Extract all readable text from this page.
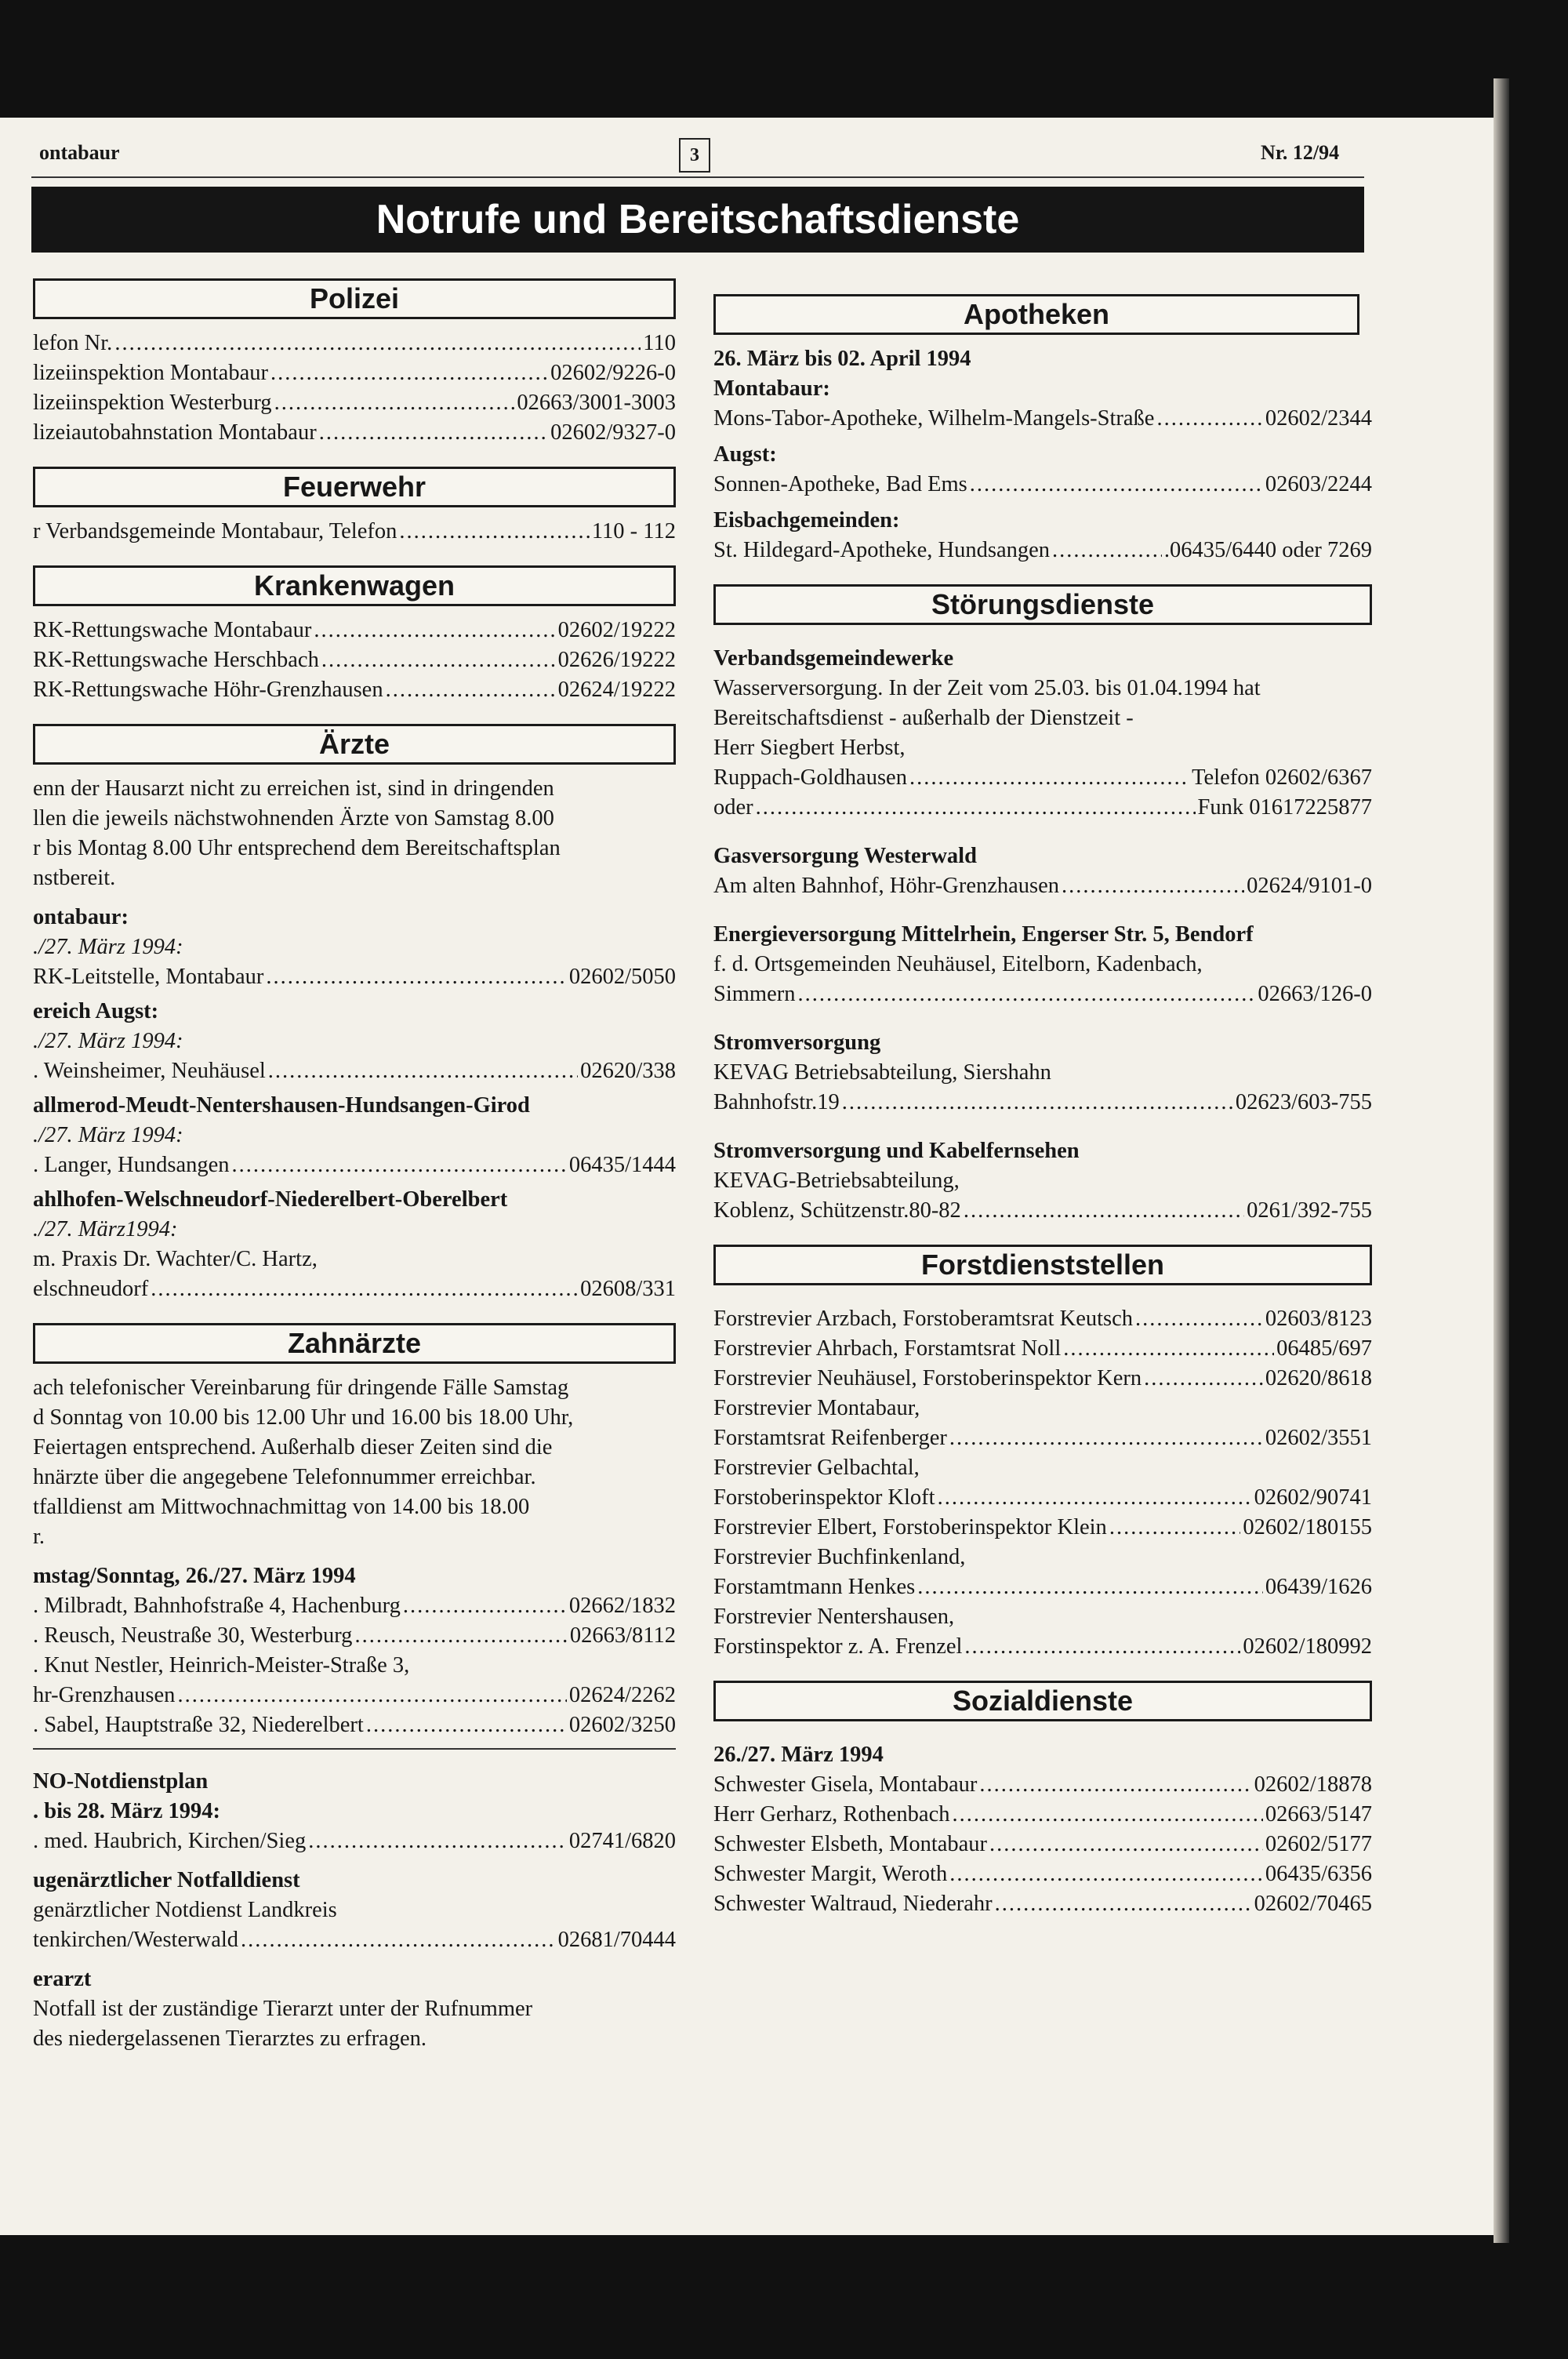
ontabaur	3	Nr. 12/94
Notrufe und Bereitschaftsdienste
Polizei
lefon Nr. .....	110
lizeiinspektion Montabaur .....	02602/9226-0
lizeiinspektion Westerburg .....	02663/3001-3003
lizeiautobahnstation Montabaur .....	02602/9327-0
Feuerwehr
r Verbandsgemeinde Montabaur, Telefon .....	110 - 112
Krankenwagen
RK-Rettungswache Montabaur .....	02602/19222
RK-Rettungswache Herschbach .....	02626/19222
RK-Rettungswache Höhr-Grenzhausen .....	02624/19222
Ärzte
enn der Hausarzt nicht zu erreichen ist, sind in dringenden
llen die jeweils nächstwohnenden Ärzte von Samstag 8.00
r bis Montag 8.00 Uhr entsprechend dem Bereitschaftsplan
nstbereit.
ontabaur:
./27. März 1994:
RK-Leitstelle, Montabaur .....	02602/5050
ereich Augst:
./27. März 1994:
. Weinsheimer, Neuhäusel .....	02620/338
allmerod-Meudt-Nentershausen-Hundsangen-Girod
./27. März 1994:
. Langer, Hundsangen .....	06435/1444
ahlhofen-Welschneudorf-Niederelbert-Oberelbert
./27. März1994:
m. Praxis Dr. Wachter/C. Hartz,
elschneudorf .....	02608/331
Zahnärzte
ach telefonischer Vereinbarung für dringende Fälle Samstag
d Sonntag von 10.00 bis 12.00 Uhr und 16.00 bis 18.00 Uhr,
Feiertagen entsprechend. Außerhalb dieser Zeiten sind die
hnärzte über die angegebene Telefonnummer erreichbar.
tfalldienst am Mittwochnachmittag von 14.00 bis 18.00
r.
mstag/Sonntag, 26./27. März 1994
. Milbradt, Bahnhofstraße 4, Hachenburg .....	02662/1832
. Reusch, Neustraße 30, Westerburg .....	02663/8112
. Knut Nestler, Heinrich-Meister-Straße 3,
hr-Grenzhausen .....	02624/2262
. Sabel, Hauptstraße 32, Niederelbert .....	02602/3250
NO-Notdienstplan
. bis 28. März 1994:
. med. Haubrich, Kirchen/Sieg .....	02741/6820
ugenärztlicher Notfalldienst
genärztlicher Notdienst Landkreis
tenkirchen/Westerwald .....	02681/70444
erarzt
Notfall ist der zuständige Tierarzt unter der Rufnummer
des niedergelassenen Tierarztes zu erfragen.
Apotheken
26. März bis 02. April 1994
Montabaur:
Mons-Tabor-Apotheke, Wilhelm-Mangels-Straße .....	02602/2344
Augst:
Sonnen-Apotheke, Bad Ems .....	02603/2244
Eisbachgemeinden:
St. Hildegard-Apotheke, Hundsangen .....	.06435/6440 oder 7269
Störungsdienste
Verbandsgemeindewerke
Wasserversorgung. In der Zeit vom 25.03. bis 01.04.1994 hat
Bereitschaftsdienst - außerhalb der Dienstzeit -
Herr Siegbert Herbst,
Ruppach-Goldhausen .....	Telefon 02602/6367
oder .....	Funk 01617225877
Gasversorgung Westerwald
Am alten Bahnhof, Höhr-Grenzhausen .....	02624/9101-0
Energieversorgung Mittelrhein, Engerser Str. 5, Bendorf
f. d. Ortsgemeinden Neuhäusel, Eitelborn, Kadenbach,
Simmern .....	02663/126-0
Stromversorgung
KEVAG Betriebsabteilung, Siershahn
Bahnhofstr.19 .....	02623/603-755
Stromversorgung und Kabelfernsehen
KEVAG-Betriebsabteilung,
Koblenz, Schützenstr.80-82 .....	0261/392-755
Forstdienststellen
Forstrevier Arzbach, Forstoberamtsrat Keutsch .....	02603/8123
Forstrevier Ahrbach, Forstamtsrat Noll .....	06485/697
Forstrevier Neuhäusel, Forstoberinspektor Kern .....	02620/8618
Forstrevier Montabaur,
Forstamtsrat Reifenberger .....	02602/3551
Forstrevier Gelbachtal,
Forstoberinspektor Kloft .....	02602/90741
Forstrevier Elbert, Forstoberinspektor Klein .....	02602/180155
Forstrevier Buchfinkenland,
Forstamtmann Henkes .....	06439/1626
Forstrevier Nentershausen,
Forstinspektor z. A. Frenzel .....	02602/180992
Sozialdienste
26./27. März 1994
Schwester Gisela, Montabaur .....	02602/18878
Herr Gerharz, Rothenbach .....	02663/5147
Schwester Elsbeth, Montabaur .....	02602/5177
Schwester Margit, Weroth .....	06435/6356
Schwester Waltraud, Niederahr .....	02602/70465
